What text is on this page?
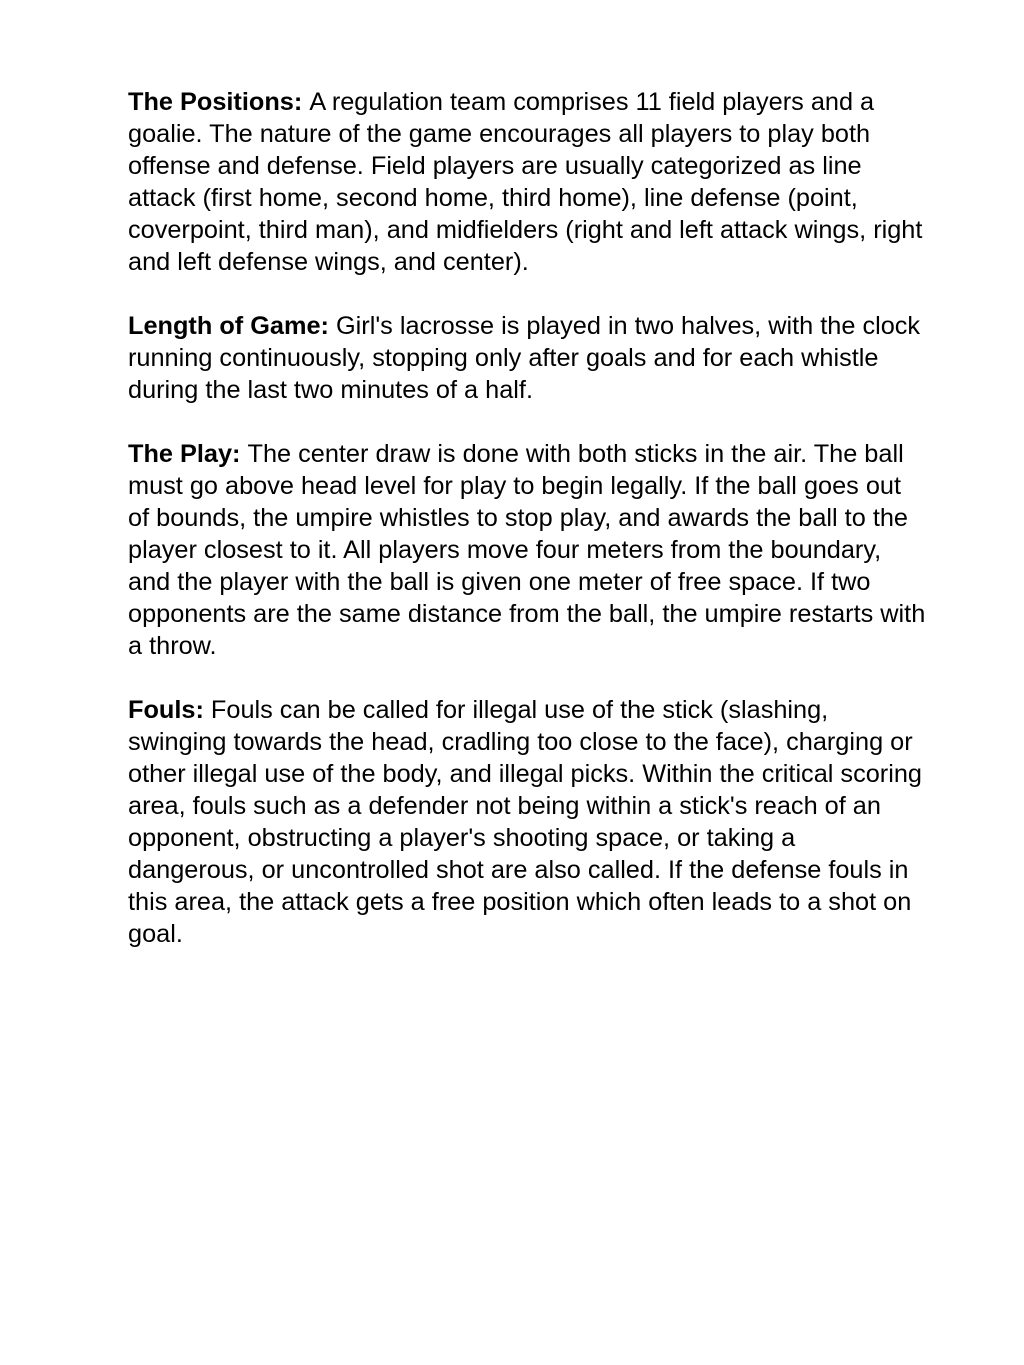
The Positions: A regulation team comprises 11 field players and a goalie. The nature of the game encourages all players to play both offense and defense. Field players are usually categorized as line attack (first home, second home, third home), line defense (point, coverpoint, third man), and midfielders (right and left attack wings, right and left defense wings, and center).

Length of Game: Girl's lacrosse is played in two halves, with the clock running continuously, stopping only after goals and for each whistle during the last two minutes of a half.

The Play: The center draw is done with both sticks in the air. The ball must go above head level for play to begin legally. If the ball goes out of bounds, the umpire whistles to stop play, and awards the ball to the player closest to it. All players move four meters from the boundary, and the player with the ball is given one meter of free space. If two opponents are the same distance from the ball, the umpire restarts with a throw.

Fouls: Fouls can be called for illegal use of the stick (slashing, swinging towards the head, cradling too close to the face), charging or other illegal use of the body, and illegal picks. Within the critical scoring area, fouls such as a defender not being within a stick's reach of an opponent, obstructing a player's shooting space, or taking a dangerous, or uncontrolled shot are also called. If the defense fouls in this area, the attack gets a free position which often leads to a shot on goal.
